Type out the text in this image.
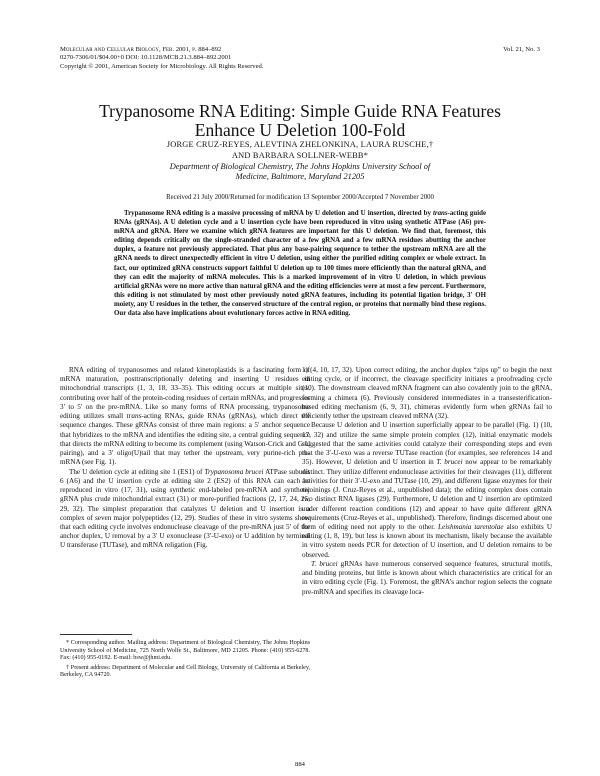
Molecular and Cellular Biology, Feb. 2001, p. 884–892
0270-7306/01/$04.00+0 DOI: 10.1128/MCB.21.3.884–892.2001
Copyright © 2001, American Society for Microbiology. All Rights Reserved.
Vol. 21, No. 3
Trypanosome RNA Editing: Simple Guide RNA Features
Enhance U Deletion 100-Fold
JORGE CRUZ-REYES, ALEVTINA ZHELONKINA, LAURA RUSCHE,†
AND BARBARA SOLLNER-WEBB*
Department of Biological Chemistry, The Johns Hopkins University School of
Medicine, Baltimore, Maryland 21205
Received 21 July 2000/Returned for modification 13 September 2000/Accepted 7 November 2000
Trypanosome RNA editing is a massive processing of mRNA by U deletion and U insertion, directed by trans-acting guide RNAs (gRNAs). A U deletion cycle and a U insertion cycle have been reproduced in vitro using synthetic ATPase (A6) pre-mRNA and gRNA. Here we examine which gRNA features are important for this U deletion. We find that, foremost, this editing depends critically on the single-stranded character of a few gRNA and a few mRNA residues abutting the anchor duplex, a feature not previously appreciated. That plus any base-pairing sequence to tether the upstream mRNA are all the gRNA needs to direct unexpectedly efficient in vitro U deletion, using either the purified editing complex or whole extract. In fact, our optimized gRNA constructs support faithful U deletion up to 100 times more efficiently than the natural gRNA, and they can edit the majority of mRNA molecules. This is a marked improvement of in vitro U deletion, in which previous artificial gRNAs were no more active than natural gRNA and the editing efficiencies were at most a few percent. Furthermore, this editing is not stimulated by most other previously noted gRNA features, including its potential ligation bridge, 3′ OH moiety, any U residues in the tether, the conserved structure of the central region, or proteins that normally bind these regions. Our data also have implications about evolutionary forces active in RNA editing.

RNA editing of trypanosomes and related kinetoplastids is a fascinating form of mRNA maturation, posttranscriptionally deleting and inserting U residues in mitochondrial transcripts (1, 3, 18, 33–35). This editing occurs at multiple sites, contributing over half of the protein-coding residues of certain mRNAs, and progresses 3′ to 5′ on the pre-mRNA. Like so many forms of RNA processing, trypanosome editing utilizes small trans-acting RNAs, guide RNAs (gRNAs), which direct the sequence changes. These gRNAs consist of three main regions: a 5′ anchor sequence that hybridizes to the mRNA and identifies the editing site, a central guiding sequence that directs the mRNA editing to become its complement (using Watson-Crick and G:U pairing), and a 3′ oligo(U)tail that may tether the upstream, very purine-rich pre-mRNA (see Fig. 1).

The U deletion cycle at editing site 1 (ES1) of Trypanosoma brucei ATPase subunit 6 (A6) and the U insertion cycle at editing site 2 (ES2) of this RNA can each be reproduced in vitro (17, 31), using synthetic end-labeled pre-mRNA and synthetic gRNA plus crude mitochondrial extract (31) or more-purified fractions (2, 17, 24, 25, 29, 32). The simplest preparation that catalyzes U deletion and U insertion is a complex of seven major polypeptides (12, 29). Studies of these in vitro systems show that each editing cycle involves endonuclease cleavage of the pre-mRNA just 5′ of the anchor duplex, U removal by a 3′ U exonuclease (3′-U-exo) or U addition by terminal U transferase (TUTase), and mRNA religation (Fig.

1) (4, 10, 17, 32). Upon correct editing, the anchor duplex “zips up” to begin the next editing cycle, or if incorrect, the cleavage specificity initiates a proofreading cycle (10). The downstream cleaved mRNA fragment can also covalently join to the gRNA, forming a chimera (6). Previously considered intermediates in a transesterification-based editing mechanism (6, 9, 31), chimeras evidently form when gRNAs fail to efficiently tether the upstream cleaved mRNA (32).

Because U deletion and U insertion superficially appear to be parallel (Fig. 1) (10, 17, 32) and utilize the same simple protein complex (12), initial enzymatic models suggested that the same activities could catalyze their corresponding steps and even that the 3′-U-exo was a reverse TUTase reaction (for examples, see references 14 and 35). However, U deletion and U insertion in T. brucei now appear to be remarkably distinct. They utilize different endonuclease activities for their cleavages (11), different activities for their 3′-U-exo and TUTase (10, 29), and different ligase enzymes for their rejoinings (J. Cruz-Reyes et al., unpublished data); the editing complex does contain two distinct RNA ligases (29). Furthermore, U deletion and U insertion are optimized under different reaction conditions (12) and appear to have quite different gRNA requirements (Cruz-Reyes et al., unpublished). Therefore, findings discerned about one form of editing need not apply to the other. Leishmania tarentolae also exhibits U editing (1, 8, 19), but less is known about its mechanism, likely because the available in vitro system needs PCR for detection of U insertion, and U deletion remains to be observed.

T. brucei gRNAs have numerous conserved sequence features, structural motifs, and binding proteins, but little is known about which characteristics are critical for an in vitro editing cycle (Fig. 1). Foremost, the gRNA’s anchor region selects the cognate pre-mRNA and specifies its cleavage loca-

* Corresponding author. Mailing address: Department of Biological Chemistry, The Johns Hopkins University School of Medicine, 725 North Wolfe St., Baltimore, MD 21205. Phone: (410) 955-6278. Fax: (410) 955-0192. E-mail: bsw@jhmi.edu.

† Present address: Department of Molecular and Cell Biology, University of California at Berkeley, Berkeley, CA 94720.

884
